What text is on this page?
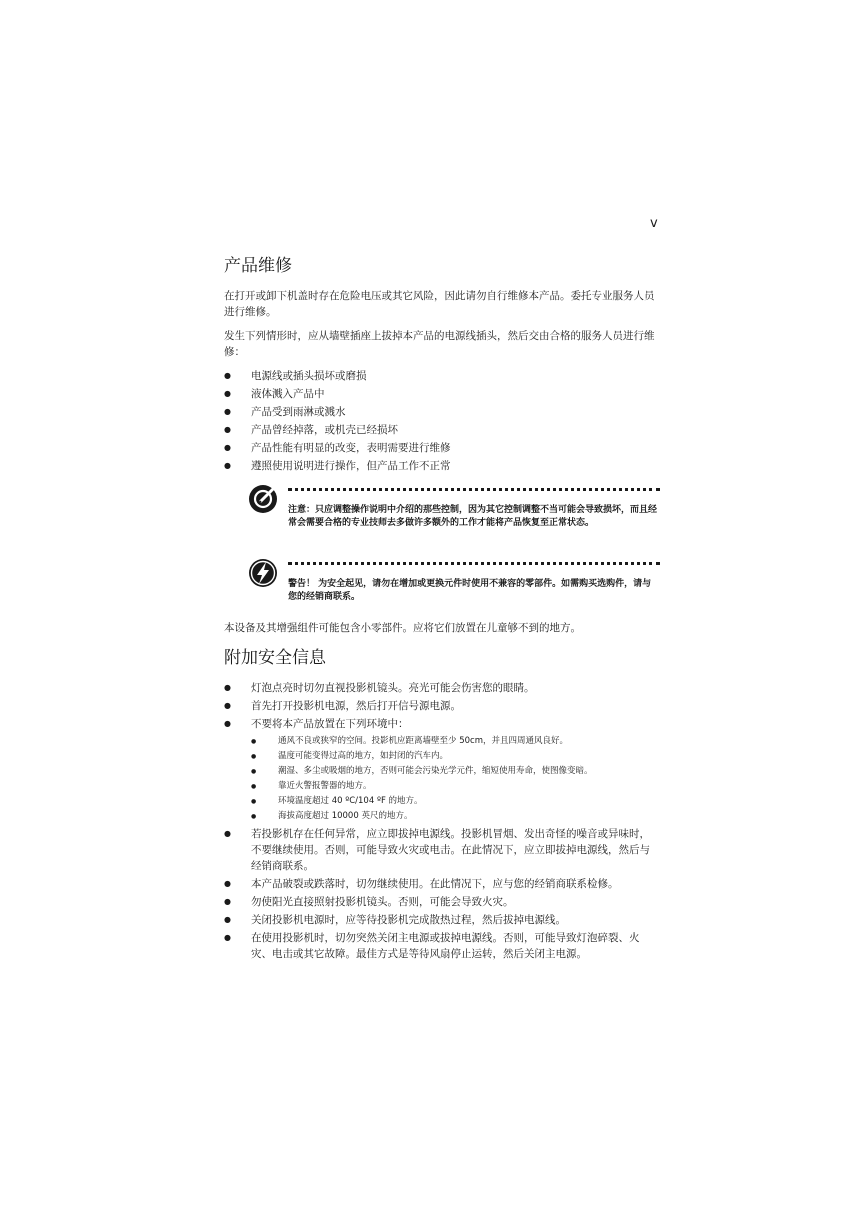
v
产品维修

在打开或卸下机盖时存在危险电压或其它风险，因此请勿自行维修本产品。委托专业服务人员进行维修。

发生下列情形时，应从墙壁插座上拔掉本产品的电源线插头，然后交由合格的服务人员进行维修：

● 电源线或插头损坏或磨损
● 液体溅入产品中
● 产品受到雨淋或溅水
● 产品曾经掉落，或机壳已经损坏
● 产品性能有明显的改变，表明需要进行维修
● 遵照使用说明进行操作，但产品工作不正常
注意：只应调整操作说明中介绍的那些控制，因为其它控制调整不当可能会导致损坏，而且经常会需要合格的专业技师去多做许多额外的工作才能将产品恢复至正常状态。
警告！ 为安全起见，请勿在增加或更换元件时使用不兼容的零部件。如需购买选购件，请与您的经销商联系。

本设备及其增强组件可能包含小零部件。应将它们放置在儿童够不到的地方。

附加安全信息
● 灯泡点亮时切勿直视投影机镜头。亮光可能会伤害您的眼睛。
● 首先打开投影机电源，然后打开信号源电源。
● 不要将本产品放置在下列环境中：
● 通风不良或狭窄的空间。投影机应距离墙壁至少 50cm，并且四周通风良好。
● 温度可能变得过高的地方，如封闭的汽车内。
● 潮湿、多尘或吸烟的地方，否则可能会污染光学元件，缩短使用寿命，使图像变暗。
● 靠近火警报警器的地方。
● 环境温度超过 40 ºC/104 ºF 的地方。
● 海拔高度超过 10000 英尺的地方。
● 若投影机存在任何异常，应立即拔掉电源线。投影机冒烟、发出奇怪的噪音或异味时，不要继续使用。否则，可能导致火灾或电击。在此情况下，应立即拔掉电源线，然后与经销商联系。
● 本产品破裂或跌落时，切勿继续使用。在此情况下，应与您的经销商联系检修。
● 勿使阳光直接照射投影机镜头。否则，可能会导致火灾。
● 关闭投影机电源时，应等待投影机完成散热过程，然后拔掉电源线。
● 在使用投影机时，切勿突然关闭主电源或拔掉电源线。否则，可能导致灯泡碎裂、火灾、电击或其它故障。最佳方式是等待风扇停止运转，然后关闭主电源。
